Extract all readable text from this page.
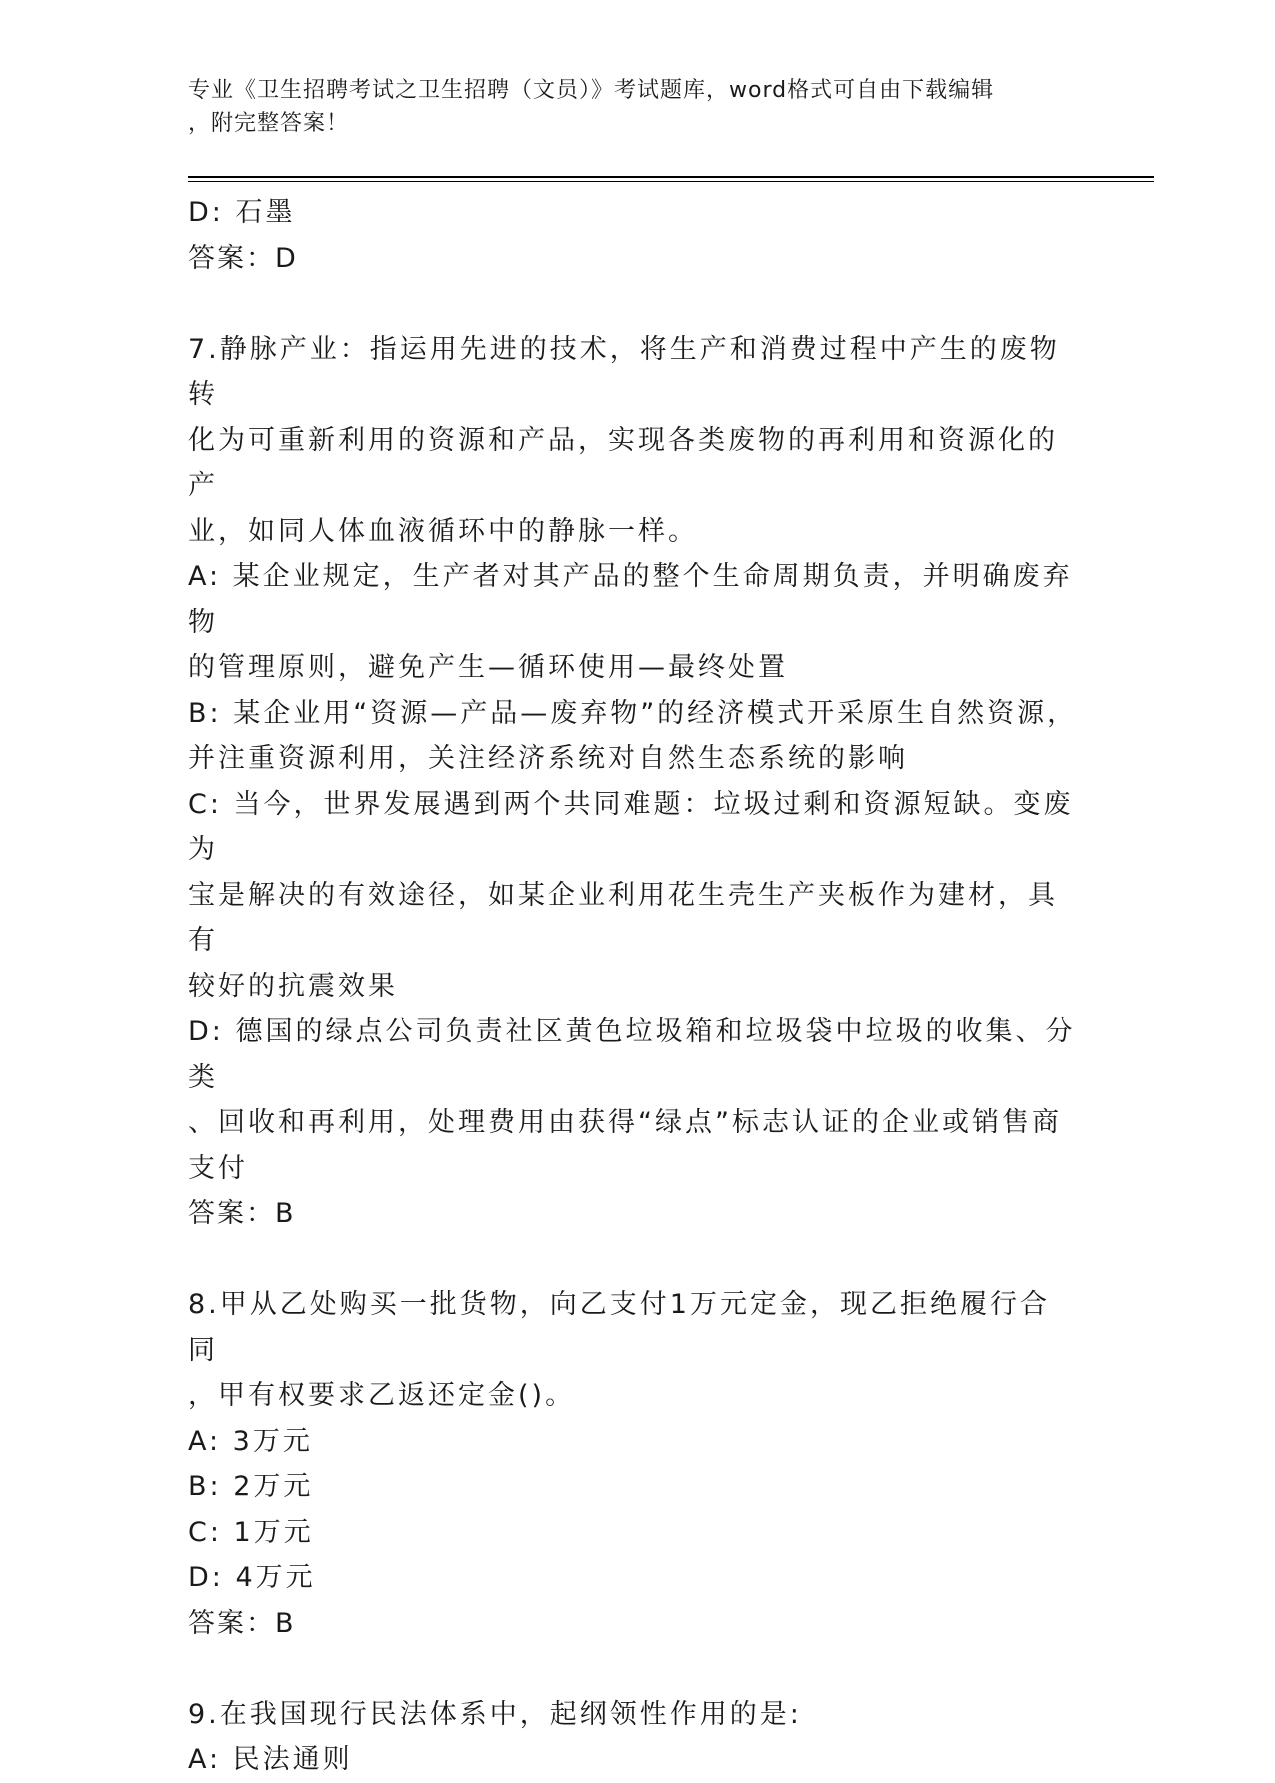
专业《卫生招聘考试之卫生招聘（文员）》考试题库，word格式可自由下载编辑
，附完整答案！
D: 石墨
答案：D
7.静脉产业：指运用先进的技术，将生产和消费过程中产生的废物转
化为可重新利用的资源和产品，实现各类废物的再利用和资源化的产
业，如同人体血液循环中的静脉一样。
A: 某企业规定，生产者对其产品的整个生命周期负责，并明确废弃物
的管理原则，避免产生—循环使用—最终处置
B: 某企业用“资源—产品—废弃物”的经济模式开采原生自然资源，
并注重资源利用，关注经济系统对自然生态系统的影响
C: 当今，世界发展遇到两个共同难题：垃圾过剩和资源短缺。变废为
宝是解决的有效途径，如某企业利用花生壳生产夹板作为建材，具有
较好的抗震效果
D: 德国的绿点公司负责社区黄色垃圾箱和垃圾袋中垃圾的收集、分类
、回收和再利用，处理费用由获得“绿点”标志认证的企业或销售商
支付
答案：B
8.甲从乙处购买一批货物，向乙支付1万元定金，现乙拒绝履行合同
，甲有权要求乙返还定金()。
A: 3万元
B: 2万元
C: 1万元
D: 4万元
答案：B
9.在我国现行民法体系中，起纲领性作用的是:
A: 民法通则
